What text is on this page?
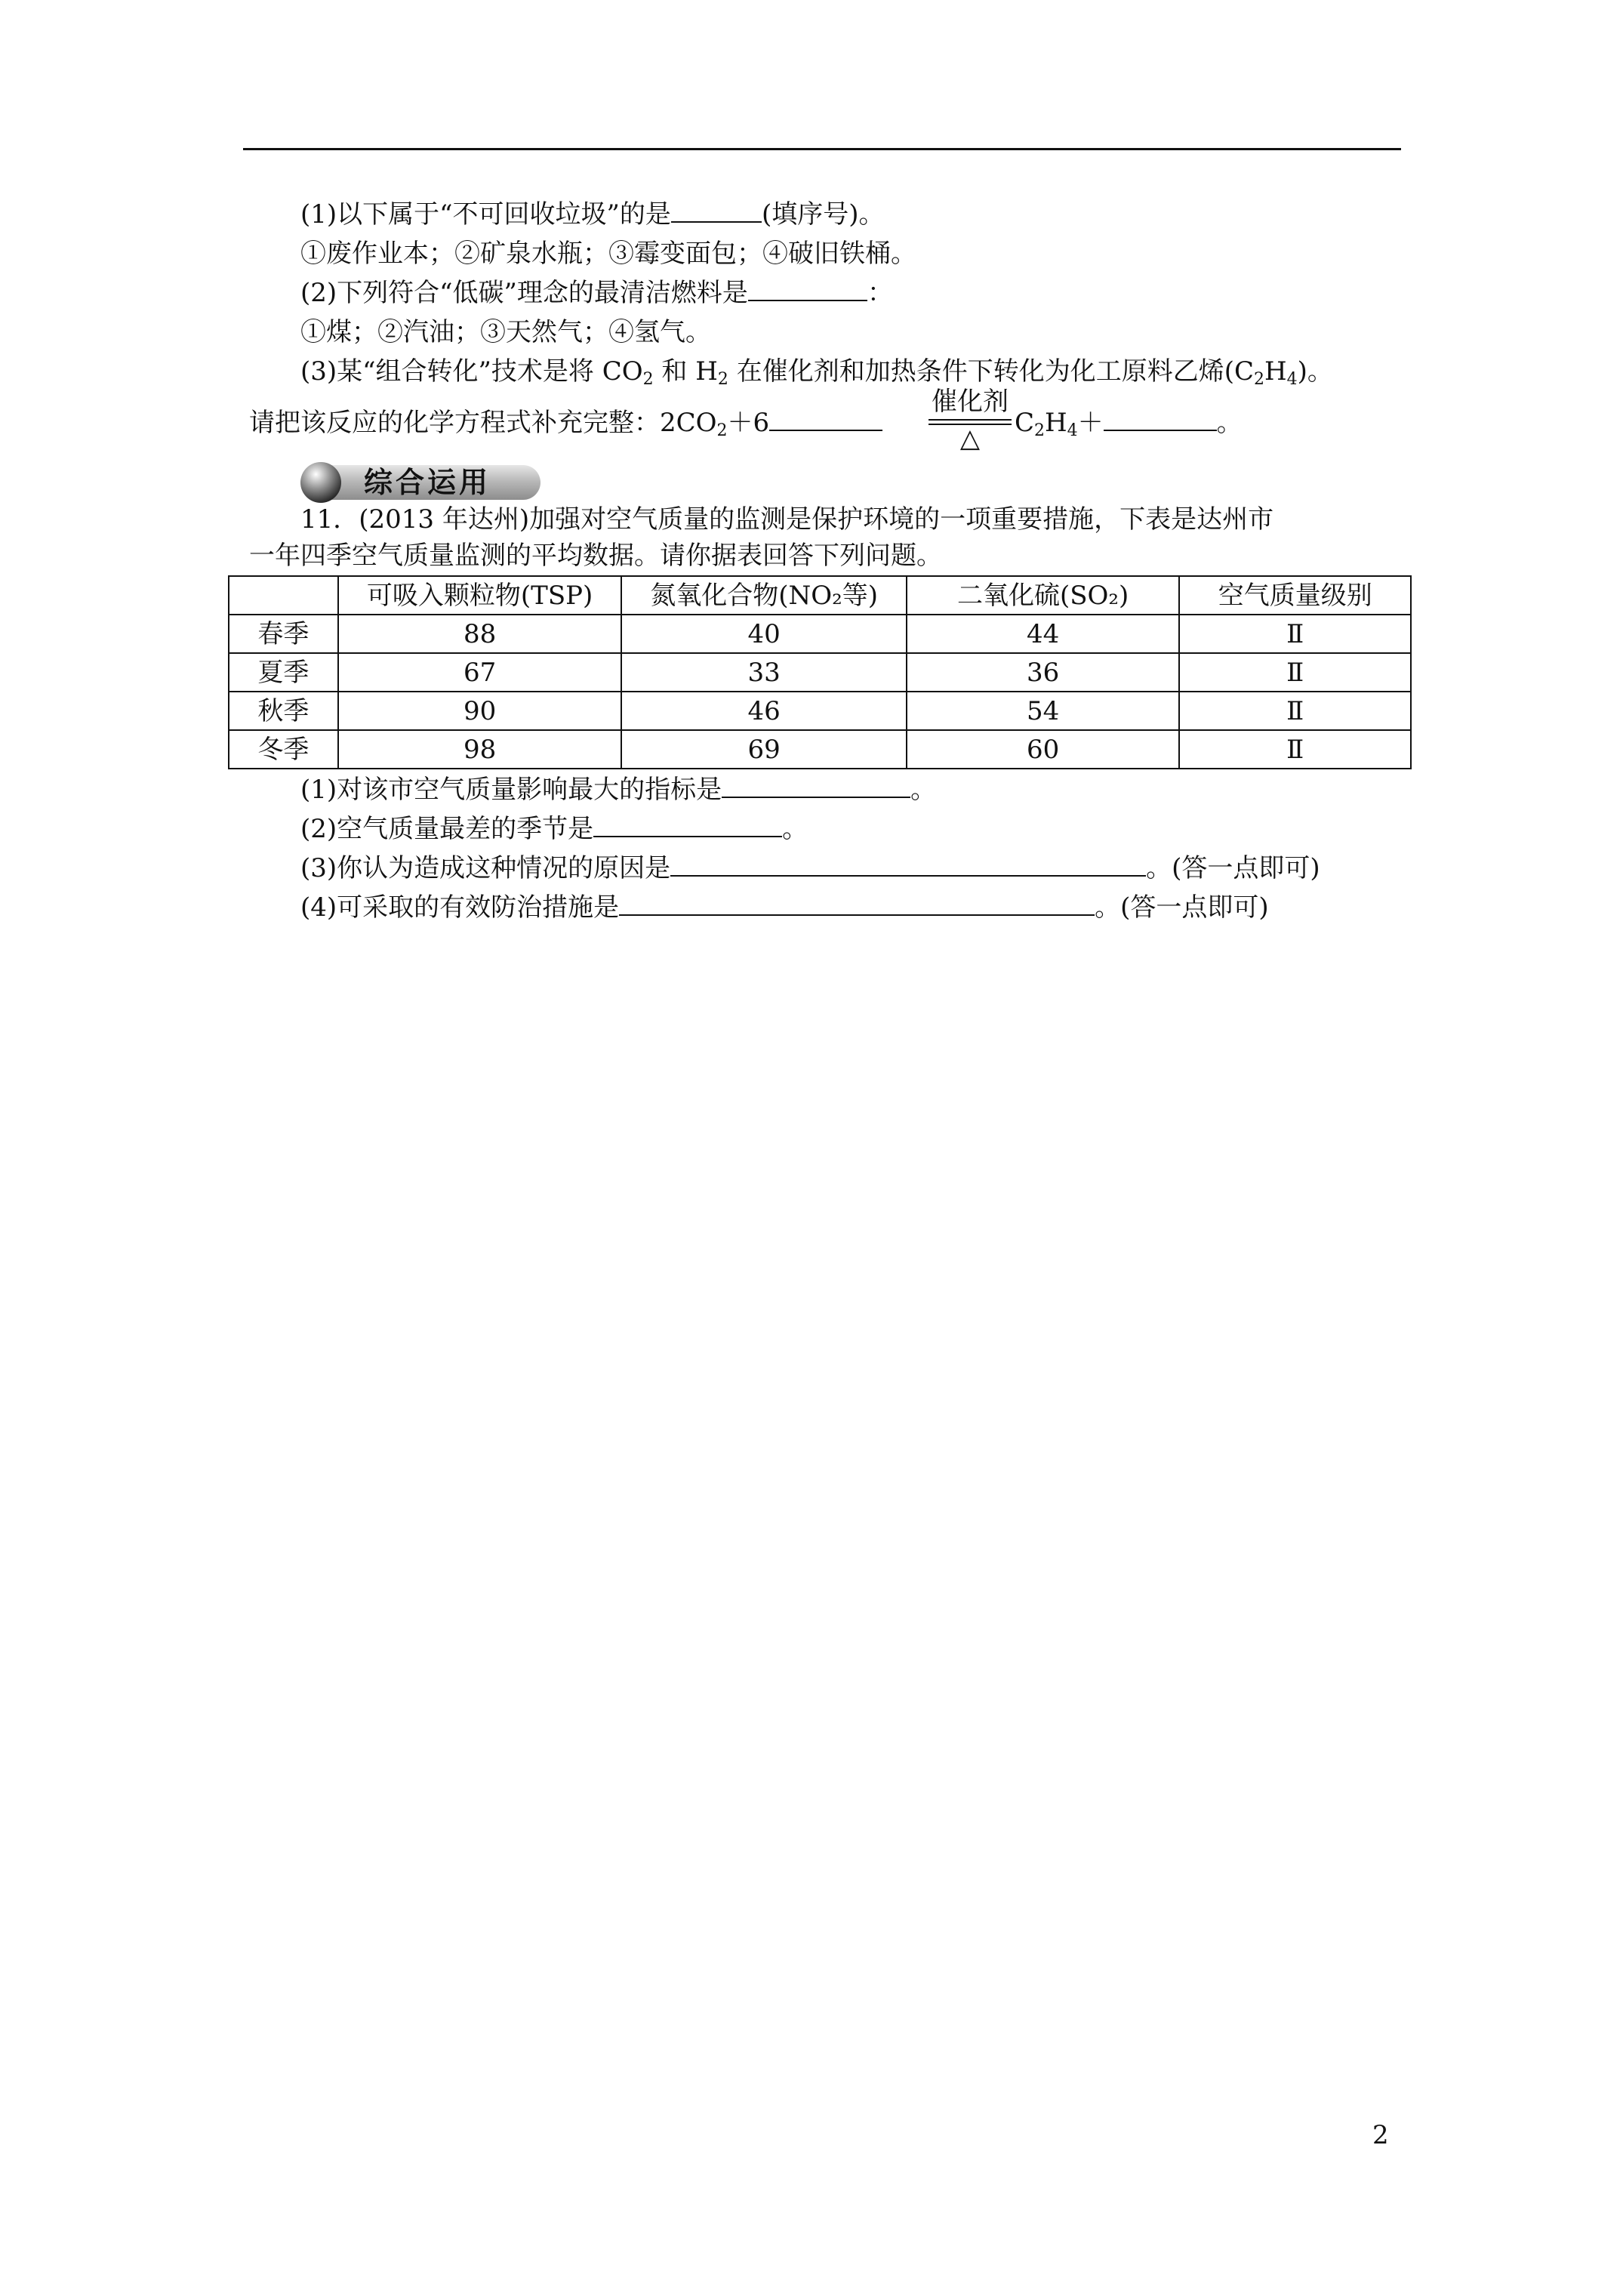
(1)以下属于“不可回收垃圾”的是	(填序号)。
①废作业本；②矿泉水瓶；③霉变面包；④破旧铁桶。
(2)下列符合“低碳”理念的最清洁燃料是	：
①煤；②汽油；③天然气；④氢气。
(3)某“组合转化”技术是将 $CO_2$ 和 $H_2$ 在催化剂和加热条件下转化为化工原料乙烯$(C_2H_4)$。
请把该反应的化学方程式补充完整：$2CO_2+6$
催化剂
△
$C_2H_4+$	。
综合运用
11．(2013 年达州)加强对空气质量的监测是保护环境的一项重要措施，下表是达州市
一年四季空气质量监测的平均数据。请你据表回答下列问题。
	可吸入颗粒物(TSP)	氮氧化合物(NO₂等)	二氧化硫(SO₂)	空气质量级别
春季	88	40	44	Ⅱ
夏季	67	33	36	Ⅱ
秋季	90	46	54	Ⅱ
冬季	98	69	60	Ⅱ
(1)对该市空气质量影响最大的指标是	。
(2)空气质量最差的季节是	。
(3)你认为造成这种情况的原因是	。(答一点即可)
(4)可采取的有效防治措施是	。(答一点即可)
2
